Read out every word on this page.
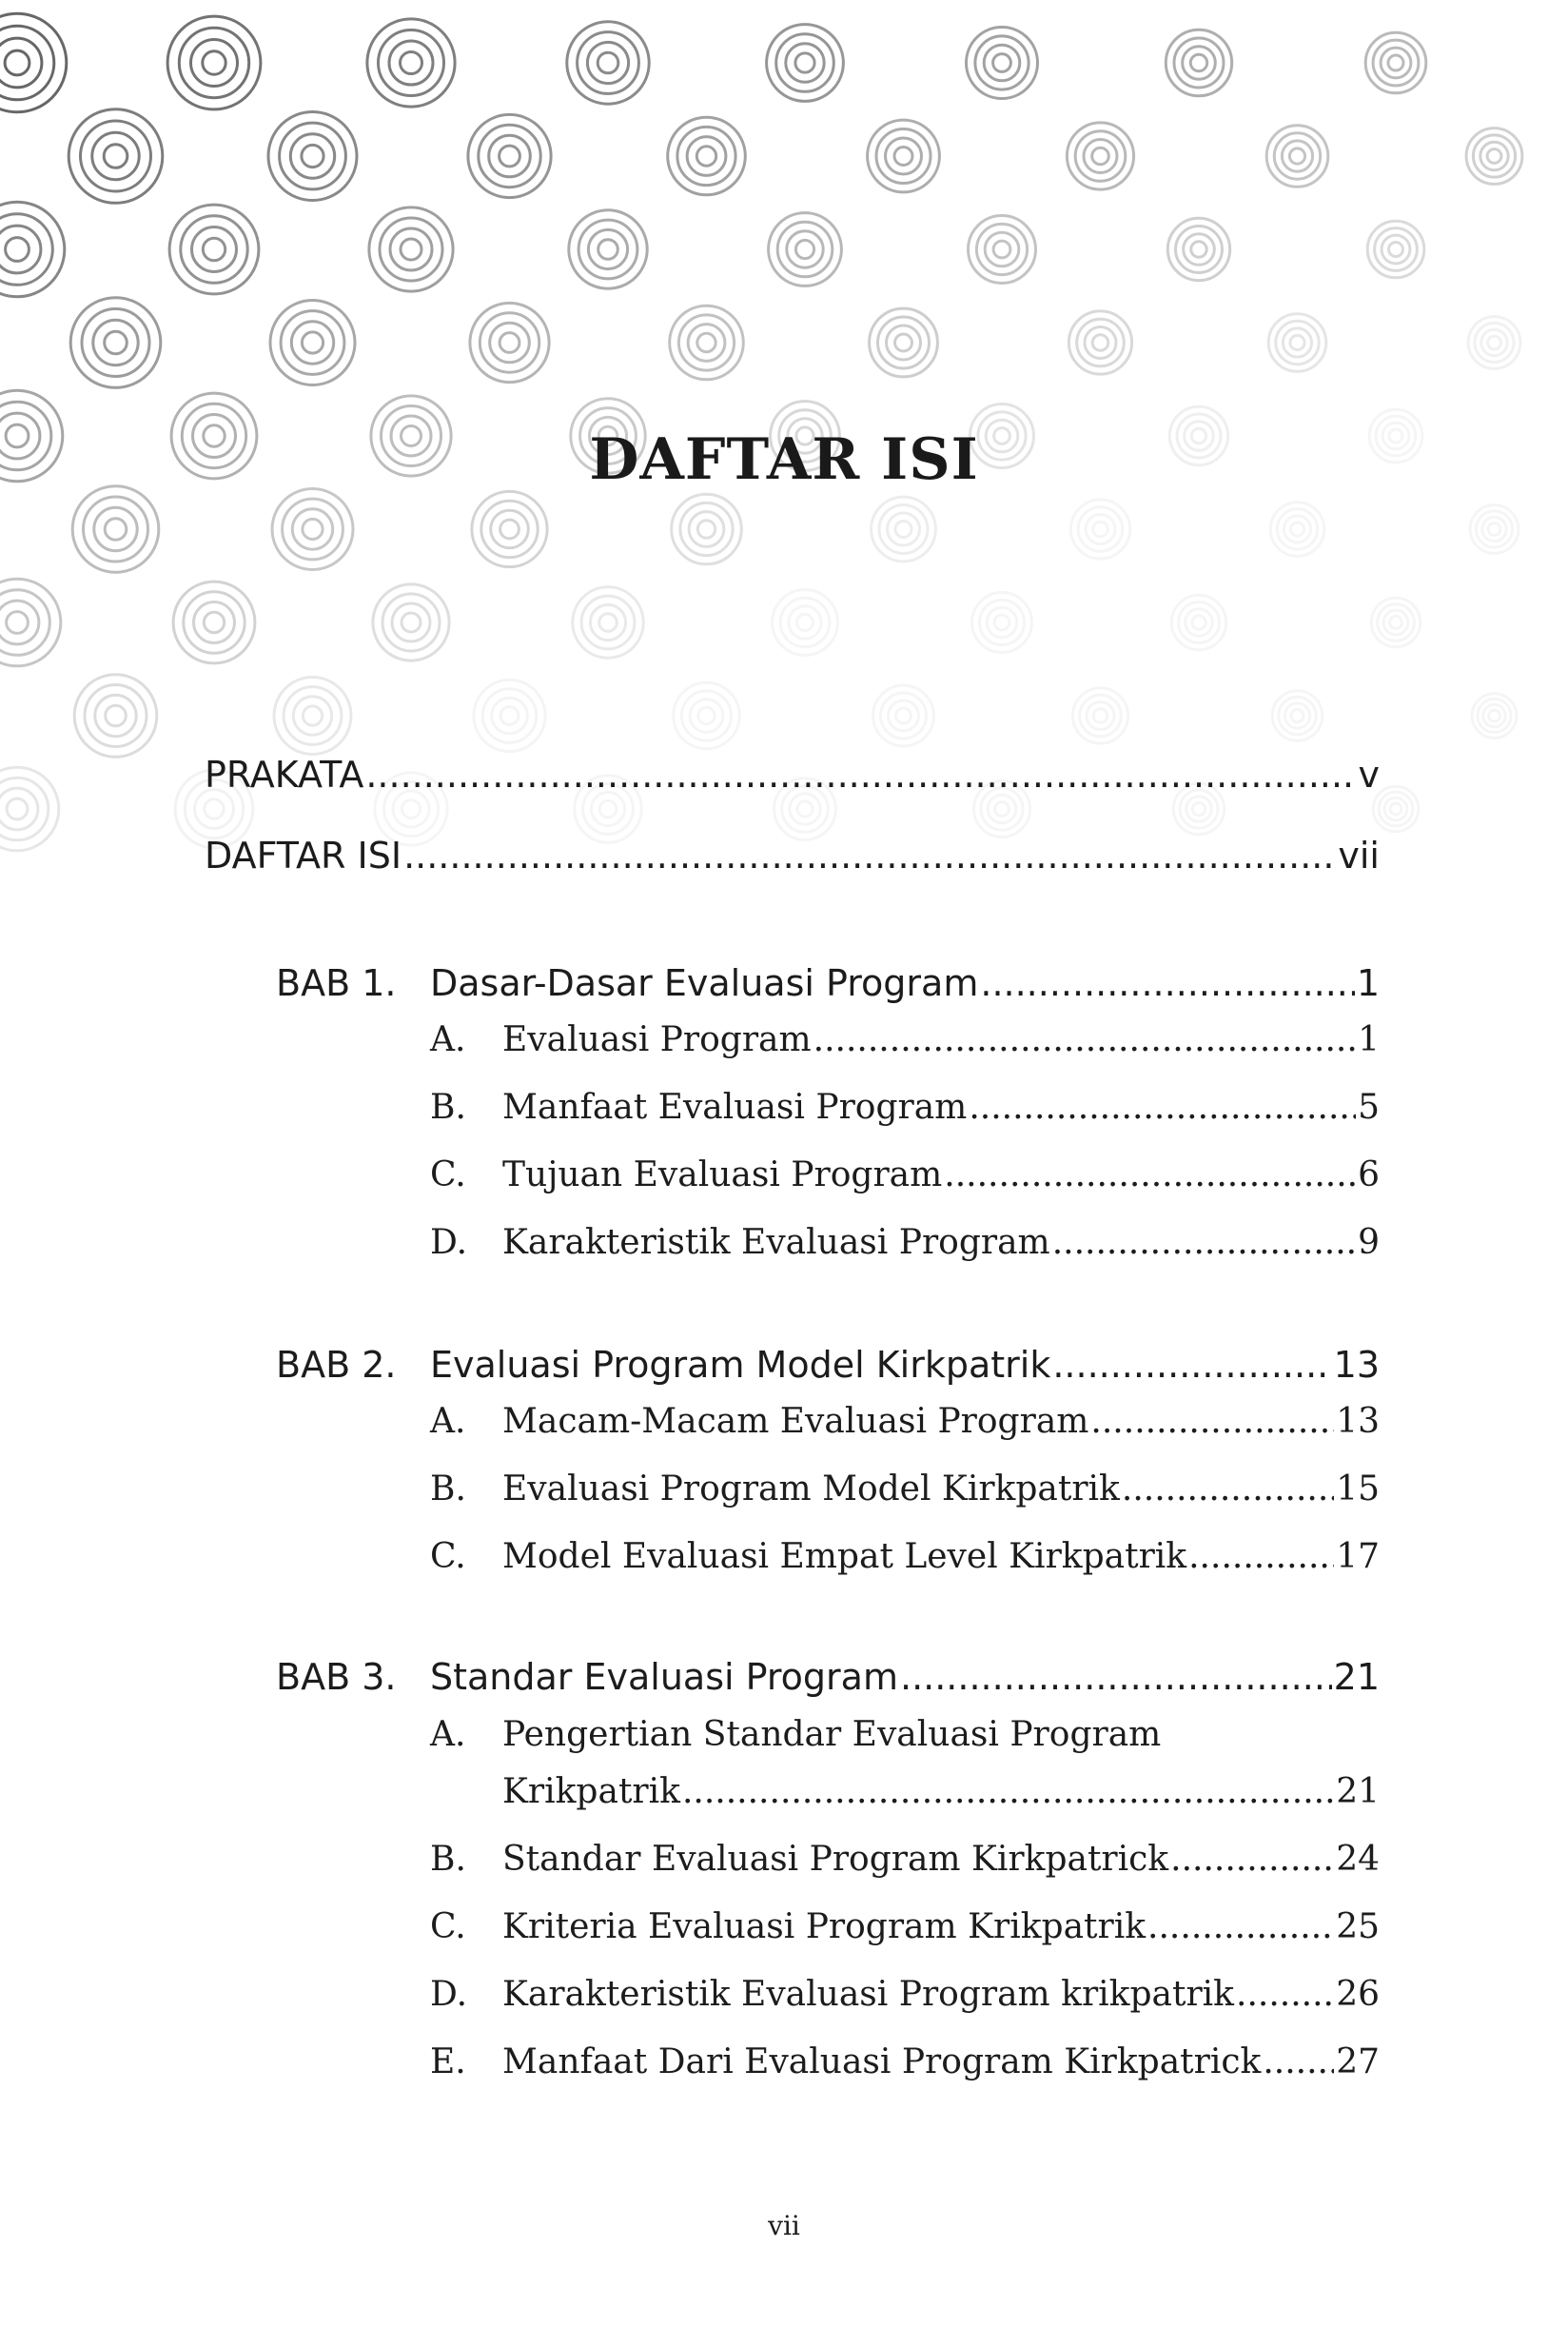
DAFTAR ISI
PRAKATA .....	v
DAFTAR ISI .....	vii
BAB 1. Dasar-Dasar Evaluasi Program .....	1
A. Evaluasi Program .....	1
B. Manfaat Evaluasi Program .....	5
C. Tujuan Evaluasi Program .....	6
D. Karakteristik Evaluasi Program .....	9
BAB 2. Evaluasi Program Model Kirkpatrik .....	13
A. Macam-Macam Evaluasi Program .....	13
B. Evaluasi Program Model Kirkpatrik .....	15
C. Model Evaluasi Empat Level Kirkpatrik .....	17
BAB 3. Standar Evaluasi Program .....	21
A. Pengertian Standar Evaluasi Program
Krikpatrik .....	21
B. Standar Evaluasi Program Kirkpatrick .....	24
C. Kriteria Evaluasi Program Krikpatrik .....	25
D. Karakteristik Evaluasi Program krikpatrik .....	26
E. Manfaat Dari Evaluasi Program Kirkpatrick ..... 27
vii
